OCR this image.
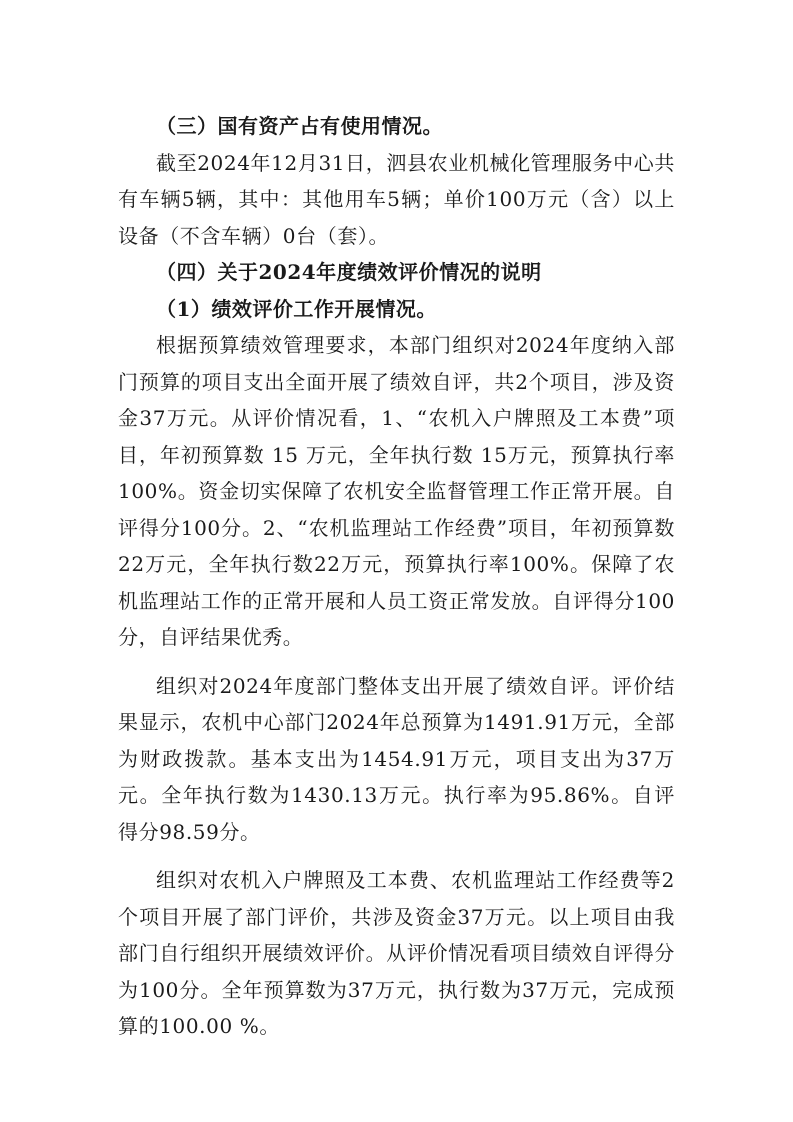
（三）国有资产占有使用情况。

截至2024年12月31日，泗县农业机械化管理服务中心共有车辆5辆，其中：其他用车5辆；单价100万元（含）以上设备（不含车辆）0台（套）。

（四）关于2024年度绩效评价情况的说明

（1）绩效评价工作开展情况。

根据预算绩效管理要求，本部门组织对2024年度纳入部门预算的项目支出全面开展了绩效自评，共2个项目，涉及资金37万元。从评价情况看，1、“农机入户牌照及工本费”项目，年初预算数 15 万元，全年执行数 15万元，预算执行率100%。资金切实保障了农机安全监督管理工作正常开展。自评得分100分。2、“农机监理站工作经费”项目，年初预算数 22万元，全年执行数22万元，预算执行率100%。保障了农机监理站工作的正常开展和人员工资正常发放。自评得分100分，自评结果优秀。

组织对2024年度部门整体支出开展了绩效自评。评价结果显示，农机中心部门2024年总预算为1491.91万元，全部为财政拨款。基本支出为1454.91万元，项目支出为37万元。全年执行数为1430.13万元。执行率为95.86%。自评得分98.59分。

组织对农机入户牌照及工本费、农机监理站工作经费等2个项目开展了部门评价，共涉及资金37万元。以上项目由我部门自行组织开展绩效评价。从评价情况看项目绩效自评得分为100分。全年预算数为37万元，执行数为37万元，完成预算的100.00 %。
